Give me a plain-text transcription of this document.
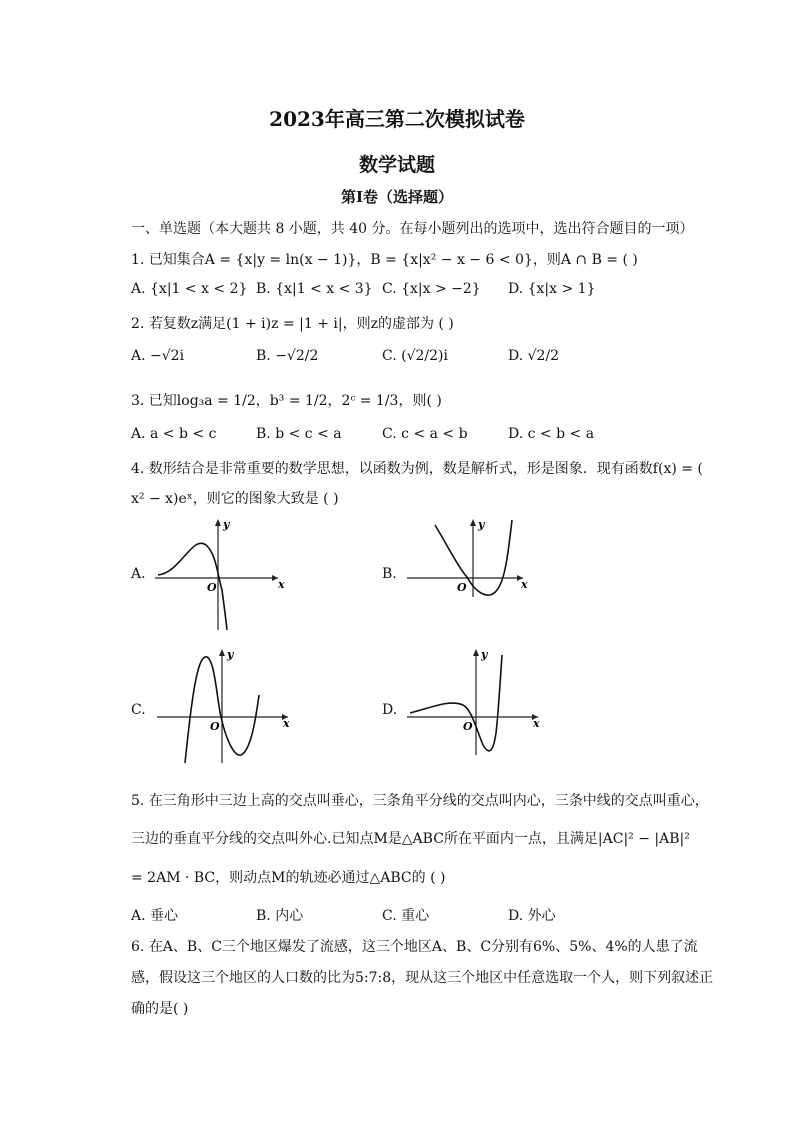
2023年高三第二次模拟试卷
数学试题
第I卷（选择题）
一、单选题（本大题共 8 小题，共 40 分。在每小题列出的选项中，选出符合题目的一项）
1. 已知集合A = {x|y = ln(x − 1)}，B = {x|x² − x − 6 < 0}，则A ∩ B = ( )
A. {x|1 < x < 2} B. {x|1 < x < 3} C. {x|x > −2} D. {x|x > 1}
2. 若复数z满足(1 + i)z = |1 + i|，则z的虚部为 ( )
A. −√2i	B. −√2/2	C. (√2/2)i	D. √2/2
3. 已知log₃a = 1/2，b³ = 1/2，2ᶜ = 1/3，则( )
A. a < b < c	B. b < c < a	C. c < a < b	D. c < b < a
4. 数形结合是非常重要的数学思想，以函数为例，数是解析式，形是图象．现有函数f(x) = (
x² − x)eˣ，则它的图象大致是 ( )
A.	B.
C.	D.
x
y
O	x
y
O
x
y
O	x
y
O
5. 在三角形中三边上高的交点叫垂心，三条角平分线的交点叫内心，三条中线的交点叫重心，
三边的垂直平分线的交点叫外心.已知点M是△ABC所在平面内一点，且满足|AC|² − |AB|²
= 2AM · BC，则动点M的轨迹必通过△ABC的 ( )
A. 垂心	B. 内心	C. 重心	D. 外心
6. 在A、B、C三个地区爆发了流感，这三个地区A、B、C分别有6%、5%、4%的人患了流
感，假设这三个地区的人口数的比为5:7:8，现从这三个地区中任意选取一个人，则下列叙述正
确的是( )
